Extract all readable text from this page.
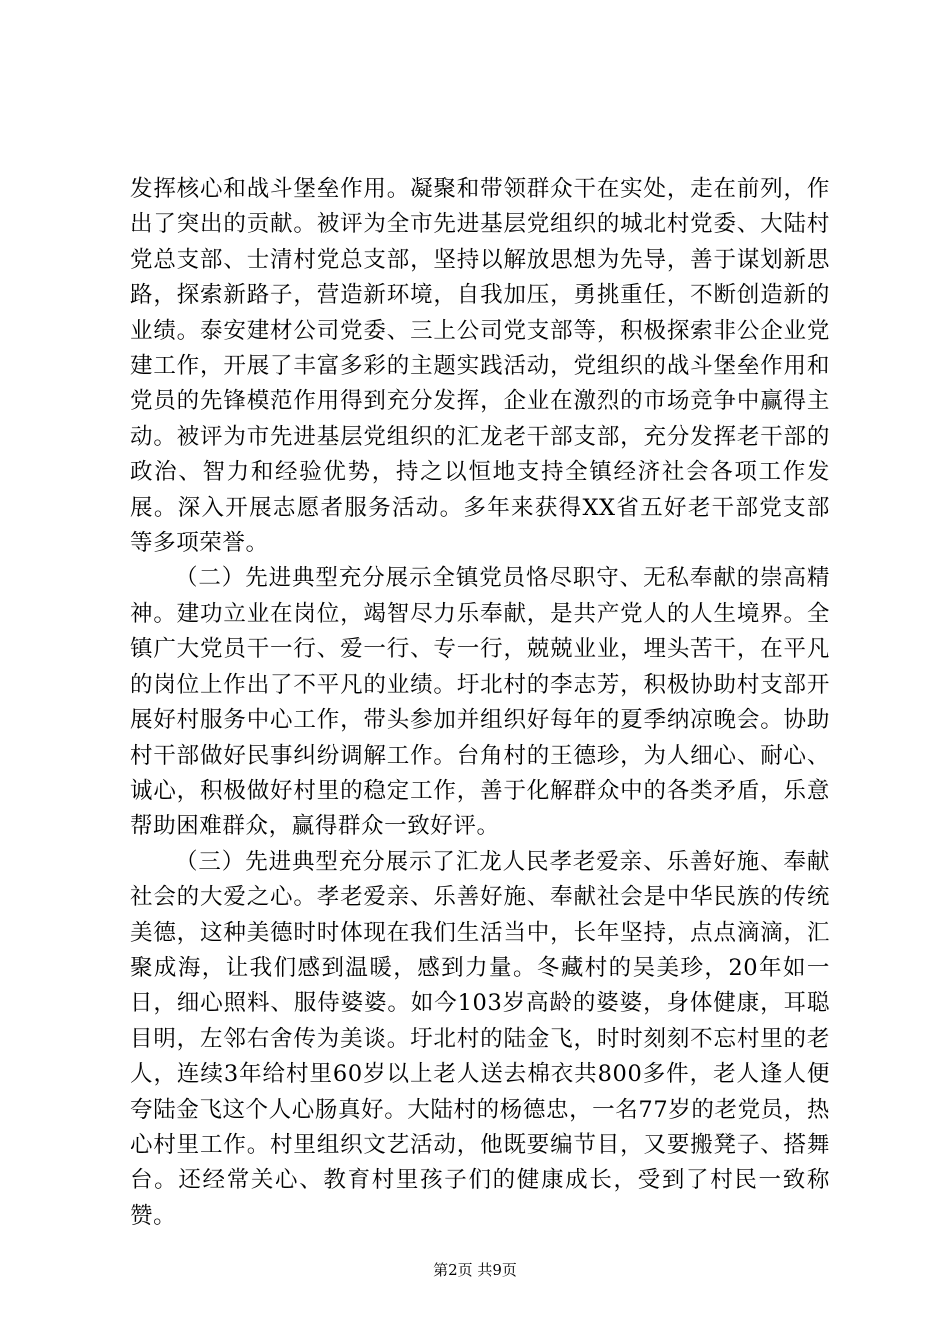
发挥核心和战斗堡垒作用。凝聚和带领群众干在实处，走在前列，作出了突出的贡献。被评为全市先进基层党组织的城北村党委、大陆村党总支部、士清村党总支部，坚持以解放思想为先导，善于谋划新思路，探索新路子，营造新环境，自我加压，勇挑重任，不断创造新的业绩。泰安建材公司党委、三上公司党支部等，积极探索非公企业党建工作，开展了丰富多彩的主题实践活动，党组织的战斗堡垒作用和党员的先锋模范作用得到充分发挥，企业在激烈的市场竞争中赢得主动。被评为市先进基层党组织的汇龙老干部支部，充分发挥老干部的政治、智力和经验优势，持之以恒地支持全镇经济社会各项工作发展。深入开展志愿者服务活动。多年来获得XX省五好老干部党支部等多项荣誉。

（二）先进典型充分展示全镇党员恪尽职守、无私奉献的崇高精神。建功立业在岗位，竭智尽力乐奉献，是共产党人的人生境界。全镇广大党员干一行、爱一行、专一行，兢兢业业，埋头苦干，在平凡的岗位上作出了不平凡的业绩。圩北村的李志芳，积极协助村支部开展好村服务中心工作，带头参加并组织好每年的夏季纳凉晚会。协助村干部做好民事纠纷调解工作。台角村的王德珍，为人细心、耐心、诚心，积极做好村里的稳定工作，善于化解群众中的各类矛盾，乐意帮助困难群众，赢得群众一致好评。

（三）先进典型充分展示了汇龙人民孝老爱亲、乐善好施、奉献社会的大爱之心。孝老爱亲、乐善好施、奉献社会是中华民族的传统美德，这种美德时时体现在我们生活当中，长年坚持，点点滴滴，汇聚成海，让我们感到温暖，感到力量。冬藏村的吴美珍，20年如一日，细心照料、服侍婆婆。如今103岁高龄的婆婆，身体健康，耳聪目明，左邻右舍传为美谈。圩北村的陆金飞，时时刻刻不忘村里的老人，连续3年给村里60岁以上老人送去棉衣共800多件，老人逢人便夸陆金飞这个人心肠真好。大陆村的杨德忠，一名77岁的老党员，热心村里工作。村里组织文艺活动，他既要编节目，又要搬凳子、搭舞台。还经常关心、教育村里孩子们的健康成长，受到了村民一致称赞。

第2页 共9页
